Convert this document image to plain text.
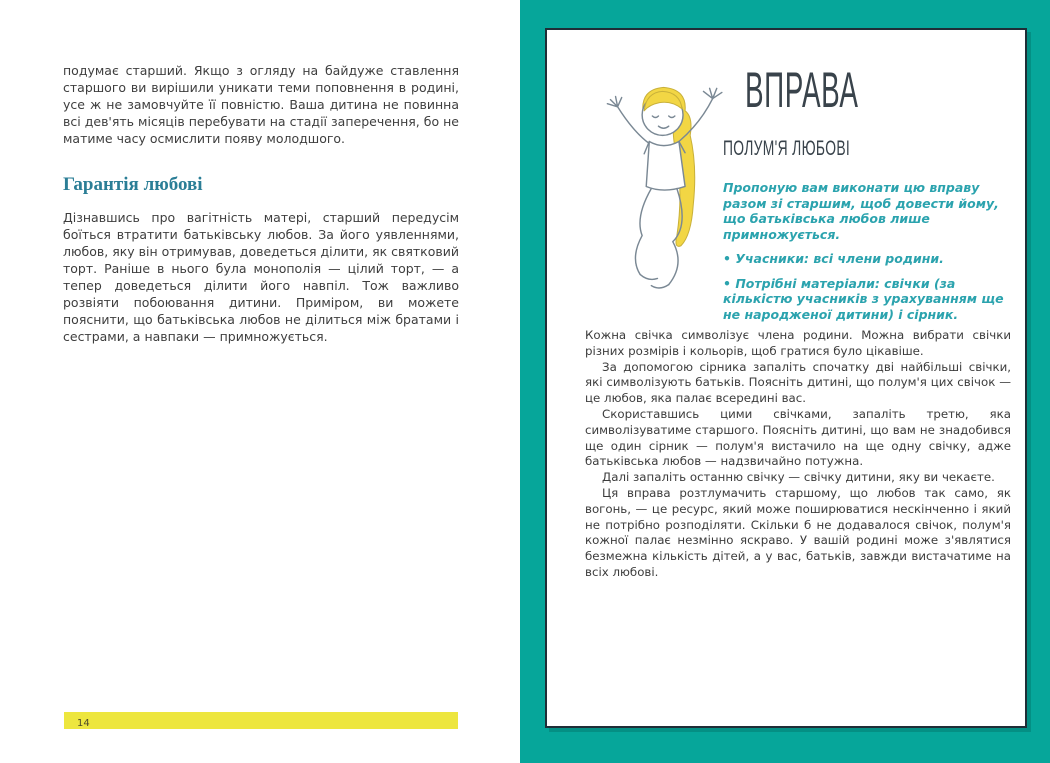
подумає старший. Якщо з огляду на байдуже ставлення старшого ви вирішили уникати теми поповнення в родині, усе ж не замовчуйте її повністю. Ваша дитина не повинна всі дев'ять місяців перебувати на стадії заперечення, бо не матиме часу осмислити появу молодшого.

Гарантія любові

Дізнавшись про вагітність матері, старший передусім боїться втратити батьківську любов. За його уявленнями, любов, яку він отримував, доведеться ділити, як святковий торт. Раніше в нього була монополія — цілий торт, — а тепер доведеться ділити його навпіл. Тож важливо розвіяти побоювання дитини. Приміром, ви можете пояснити, що батьківська любов не ділиться між братами і сестрами, а навпаки — примножується.

14
ВПРАВА
ПОЛУМ'Я ЛЮБОВІ

Пропоную вам виконати цю вправу разом зі старшим, щоб довести йому, що батьківська любов лише примножується.

• Учасники: всі члени родини.
• Потрібні матеріали: свічки (за кількістю учасників з урахуванням ще не народженої дитини) і сірник.

Кожна свічка символізує члена родини. Можна вибрати свічки різних розмірів і кольорів, щоб гратися було цікавіше.

За допомогою сірника запаліть спочатку дві найбільші свічки, які символізують батьків. Поясніть дитині, що полум'я цих свічок — це любов, яка палає всередині вас.

Скориставшись цими свічками, запаліть третю, яка символізуватиме старшого. Поясніть дитині, що вам не знадобився ще один сірник — полум'я вистачило на ще одну свічку, адже батьківська любов — надзвичайно потужна.

Далі запаліть останню свічку — свічку дитини, яку ви чекаєте.

Ця вправа розтлумачить старшому, що любов так само, як вогонь, — це ресурс, який може поширюватися нескінченно і який не потрібно розподіляти. Скільки б не додавалося свічок, полум'я кожної палає незмінно яскраво. У вашій родині може з'являтися безмежна кількість дітей, а у вас, батьків, завжди вистачатиме на всіх любові.
